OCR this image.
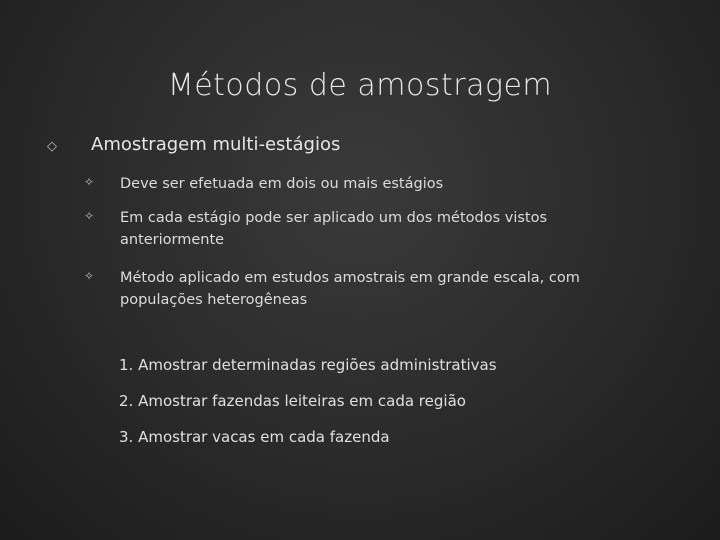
Métodos de amostragem
◇ Amostragem multi-estágios
✧ Deve ser efetuada em dois ou mais estágios
✧ Em cada estágio pode ser aplicado um dos métodos vistos anteriormente
✧ Método aplicado em estudos amostrais em grande escala, com populações heterogêneas
1. Amostrar determinadas regiões administrativas
2. Amostrar fazendas leiteiras em cada região
3. Amostrar vacas em cada fazenda
